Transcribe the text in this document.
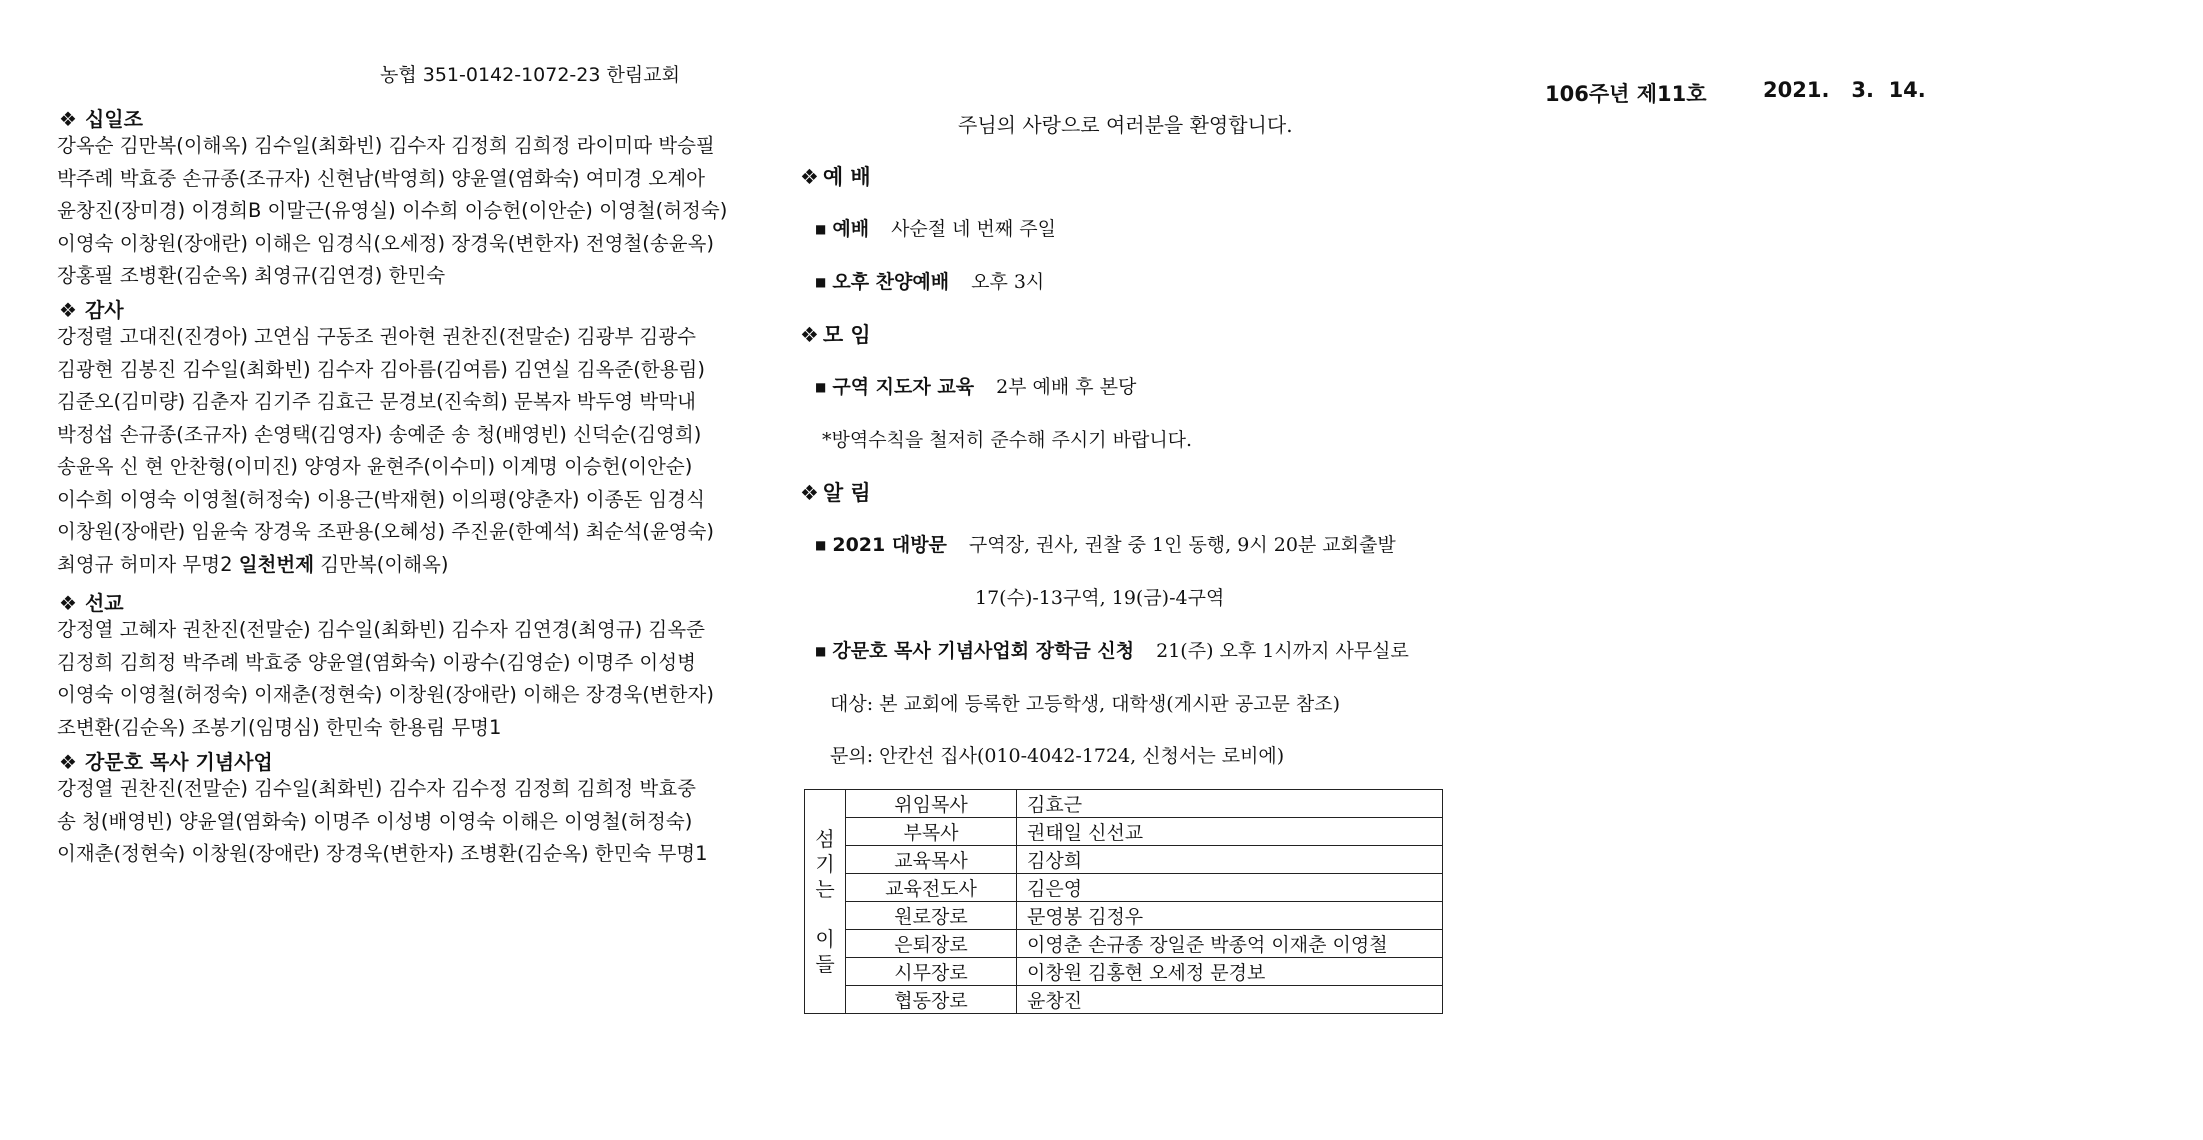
농협 351-0142-1072-23 한림교회
106주년 제11호	2021.   3.  14.
주님의 사랑으로 여러분을 환영합니다.
❖ 십일조
강옥순 김만복(이해옥) 김수일(최화빈) 김수자 김정희 김희정 라이미따 박승필
박주례 박효중 손규종(조규자) 신현남(박영희) 양윤열(염화숙) 여미경 오계아
윤창진(장미경) 이경희B 이말근(유영실) 이수희 이승헌(이안순) 이영철(허정숙)
이영숙 이창원(장애란) 이해은 임경식(오세정) 장경욱(변한자) 전영철(송윤옥)
장홍필 조병환(김순옥) 최영규(김연경) 한민숙
❖ 감사
강정렬 고대진(진경아) 고연심 구동조 권아현 권찬진(전말순) 김광부 김광수
김광현 김봉진 김수일(최화빈) 김수자 김아름(김여름) 김연실 김옥준(한용림)
김준오(김미량) 김춘자 김기주 김효근 문경보(진숙희) 문복자 박두영 박막내
박정섭 손규종(조규자) 손영택(김영자) 송예준 송 청(배영빈) 신덕순(김영희)
송윤옥 신 현 안찬형(이미진) 양영자 윤현주(이수미) 이계명 이승헌(이안순)
이수희 이영숙 이영철(허정숙) 이용근(박재현) 이의평(양춘자) 이종돈 임경식
이창원(장애란) 임윤숙 장경욱 조판용(오혜성) 주진윤(한예석) 최순석(윤영숙)
최영규 허미자 무명2 일천번제 김만복(이해옥)
❖ 선교
강정열 고혜자 권찬진(전말순) 김수일(최화빈) 김수자 김연경(최영규) 김옥준
김정희 김희정 박주례 박효중 양윤열(염화숙) 이광수(김영순) 이명주 이성병
이영숙 이영철(허정숙) 이재춘(정현숙) 이창원(장애란) 이해은 장경욱(변한자)
조변환(김순옥) 조봉기(임명심) 한민숙 한용림 무명1
❖ 강문호 목사 기념사업
강정열 권찬진(전말순) 김수일(최화빈) 김수자 김수정 김정희 김희정 박효중
송 청(배영빈) 양윤열(염화숙) 이명주 이성병 이영숙 이해은 이영철(허정숙)
이재춘(정현숙) 이창원(장애란) 장경욱(변한자) 조병환(김순옥) 한민숙 무명1
❖ 예 배
■ 예배 사순절 네 번째 주일
■ 오후 찬양예배 오후 3시
❖ 모 임
■ 구역 지도자 교육 2부 예배 후 본당
*방역수칙을 철저히 준수해 주시기 바랍니다.
❖ 알 림
■ 2021 대방문 구역장, 권사, 권찰 중 1인 동행, 9시 20분 교회출발
17(수)-13구역, 19(금)-4구역
■ 강문호 목사 기념사업회 장학금 신청 21(주) 오후 1시까지 사무실로
대상: 본 교회에 등록한 고등학생, 대학생(게시판 공고문 참조)
문의: 안칸선 집사(010-4042-1724, 신청서는 로비에)
섬
기
는
이
들	위임목사	김효근
	부목사	권태일 신선교
	교육목사	김상희
	교육전도사	김은영
	원로장로	문영봉 김정우
	은퇴장로	이영춘 손규종 장일준 박종억 이재춘 이영철
	시무장로	이창원 김홍현 오세정 문경보
	협동장로	윤창진
